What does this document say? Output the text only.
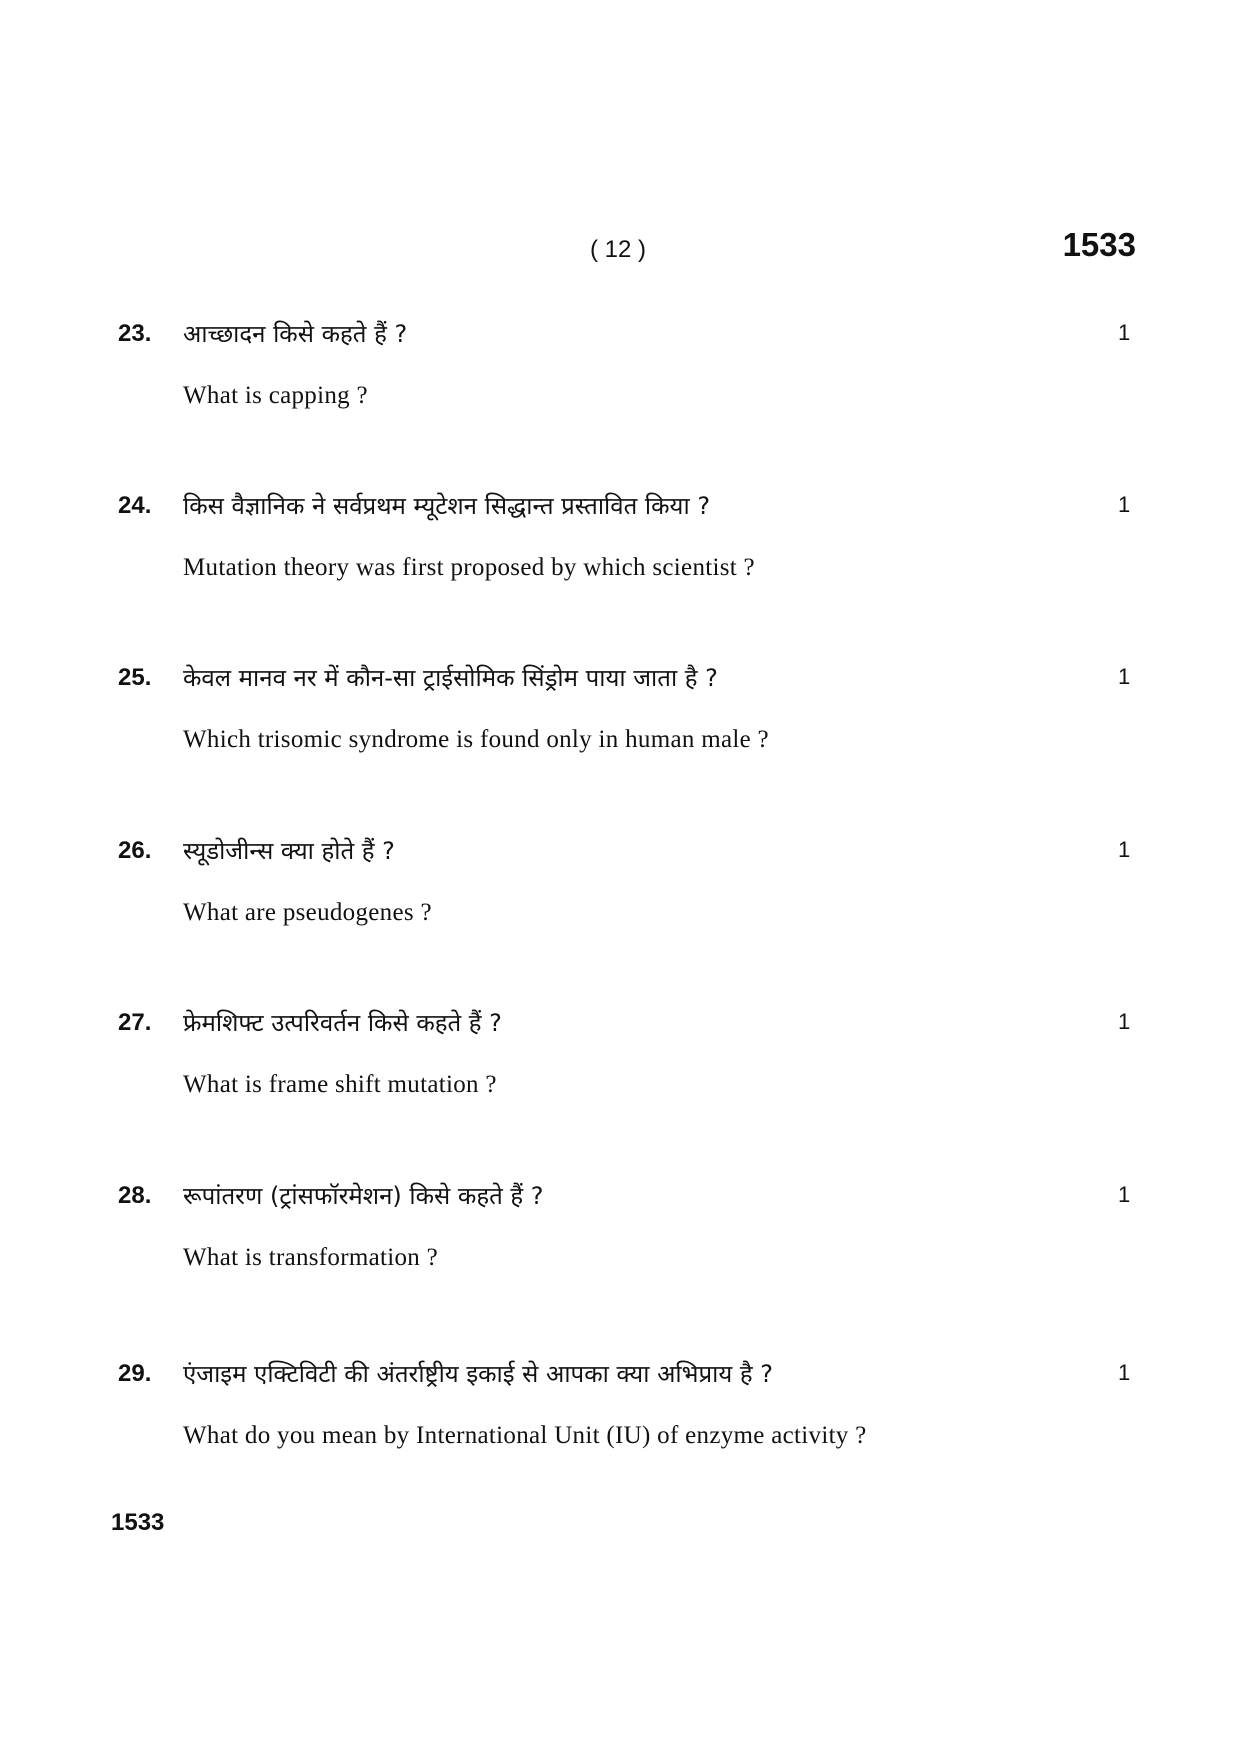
( 12 )	1533
23. आच्छादन किसे कहते हैं ?	1
What is capping ?
24. किस वैज्ञानिक ने सर्वप्रथम म्यूटेशन सिद्धान्त प्रस्तावित किया ?	1
Mutation theory was first proposed by which scientist ?
25. केवल मानव नर में कौन-सा ट्राईसोमिक सिंड्रोम पाया जाता है ?	1
Which trisomic syndrome is found only in human male ?
26. स्यूडोजीन्स क्या होते हैं ?	1
What are pseudogenes ?
27. फ्रेमशिफ्ट उत्परिवर्तन किसे कहते हैं ?	1
What is frame shift mutation ?
28. रूपांतरण (ट्रांसफॉरमेशन) किसे कहते हैं ?	1
What is transformation ?
29. एंजाइम एक्टिविटी की अंतर्राष्ट्रीय इकाई से आपका क्या अभिप्राय है ?	1
What do you mean by International Unit (IU) of enzyme activity ?
1533
